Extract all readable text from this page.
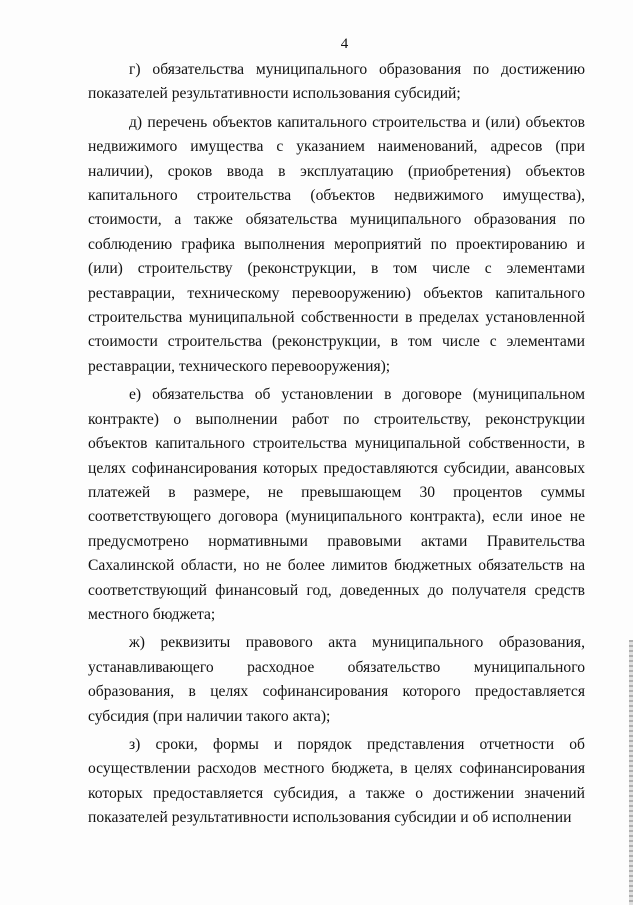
4

г) обязательства муниципального образования по достижению показателей результативности использования субсидий;

д) перечень объектов капитального строительства и (или) объектов недвижимого имущества с указанием наименований, адресов (при наличии), сроков ввода в эксплуатацию (приобретения) объектов капитального строительства (объектов недвижимого имущества), стоимости, а также обязательства муниципального образования по соблюдению графика выполнения мероприятий по проектированию и (или) строительству (реконструкции, в том числе с элементами реставрации, техническому перевооружению) объектов капитального строительства муниципальной собственности в пределах установленной стоимости строительства (реконструкции, в том числе с элементами реставрации, технического перевооружения);

е) обязательства об установлении в договоре (муниципальном контракте) о выполнении работ по строительству, реконструкции объектов капитального строительства муниципальной собственности, в целях софинансирования которых предоставляются субсидии, авансовых платежей в размере, не превышающем 30 процентов суммы соответствующего договора (муниципального контракта), если иное не предусмотрено нормативными правовыми актами Правительства Сахалинской области, но не более лимитов бюджетных обязательств на соответствующий финансовый год, доведенных до получателя средств местного бюджета;

ж) реквизиты правового акта муниципального образования, устанавливающего расходное обязательство муниципального образования, в целях софинансирования которого предоставляется субсидия (при наличии такого акта);

з) сроки, формы и порядок представления отчетности об осуществлении расходов местного бюджета, в целях софинансирования которых предоставляется субсидия, а также о достижении значений показателей результативности использования субсидии и об исполнении
